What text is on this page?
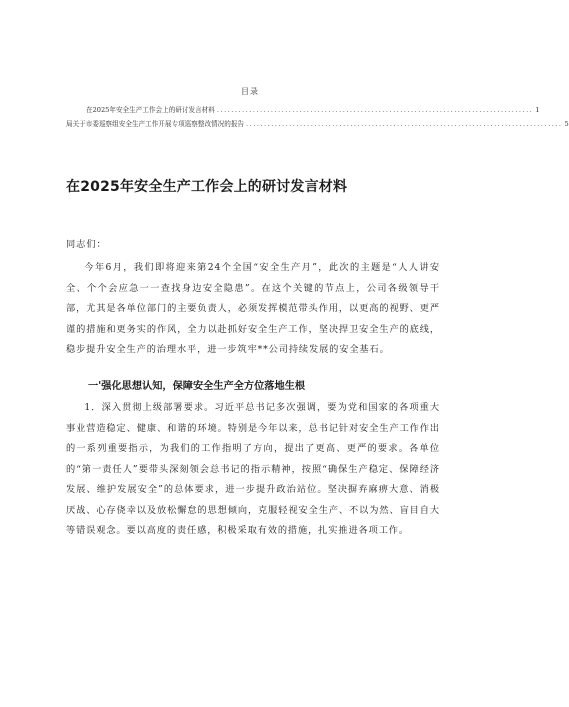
目录
在2025年安全生产工作会上的研讨发言材料 ........................................................................................ 1
局关于市委巡察组安全生产工作开展专项巡察整改情况的报告 ........................................................................................ 5
在2025年安全生产工作会上的研讨发言材料
同志们：

今年6月，我们即将迎来第24个全国“安全生产月”，此次的主题是“人人讲安全、个个会应急一一查找身边安全隐患”。在这个关键的节点上，公司各级领导干部，尤其是各单位部门的主要负责人，必须发挥模范带头作用，以更高的视野、更严谨的措施和更务实的作风，全力以赴抓好安全生产工作，坚决捍卫安全生产的底线，稳步提升安全生产的治理水平，进一步筑牢**公司持续发展的安全基石。

一'强化思想认知，保障安全生产全方位落地生根

1．深入贯彻上级部署要求。习近平总书记多次强调，要为党和国家的各项重大事业营造稳定、健康、和谐的环境。特别是今年以来，总书记针对安全生产工作作出的一系列重要指示，为我们的工作指明了方向，提出了更高、更严的要求。各单位的“第一责任人”要带头深刻领会总书记的指示精神，按照“确保生产稳定、保障经济发展、维护发展安全”的总体要求，进一步提升政治站位。坚决摒弃麻痹大意、消极厌战、心存侥幸以及放松懈怠的思想倾向，克服轻视安全生产、不以为然、盲目自大等错误观念。要以高度的责任感，积极采取有效的措施，扎实推进各项工作。
